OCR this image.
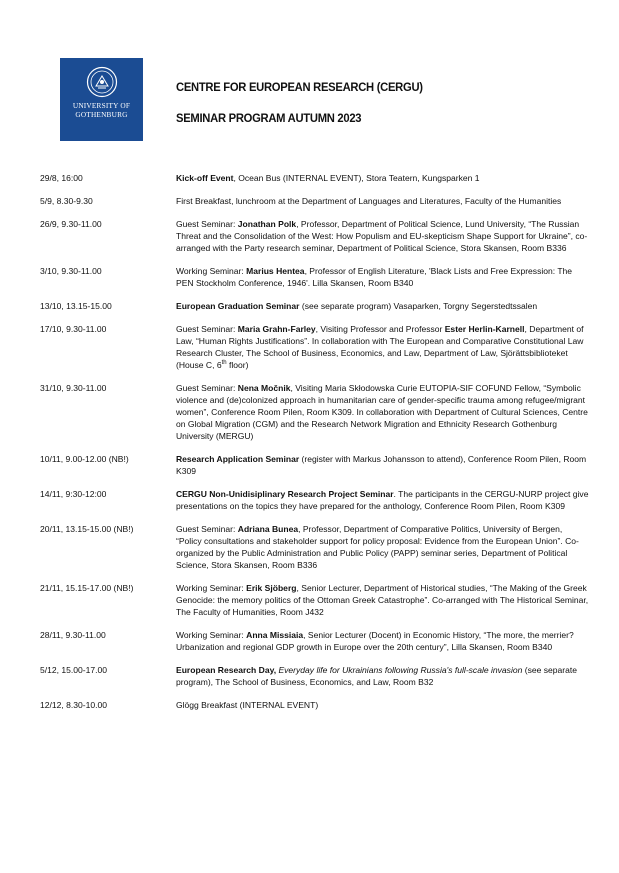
UNIVERSITY OF
GOTHENBURG
CENTRE FOR EUROPEAN RESEARCH (CERGU)
SEMINAR PROGRAM AUTUMN 2023
29/8, 16:00	Kick-off Event, Ocean Bus (INTERNAL EVENT), Stora Teatern, Kungsparken 1
5/9, 8.30-9.30	First Breakfast, lunchroom at the Department of Languages and Literatures, Faculty of the Humanities
26/9, 9.30-11.00	Guest Seminar: Jonathan Polk, Professor, Department of Political Science, Lund University, “The Russian Threat and the Consolidation of the West: How Populism and EU-skepticism Shape Support for Ukraine”, co-arranged with the Party research seminar, Department of Political Science, Stora Skansen, Room B336
3/10, 9.30-11.00	Working Seminar: Marius Hentea, Professor of English Literature, 'Black Lists and Free Expression: The PEN Stockholm Conference, 1946'. Lilla Skansen, Room B340
13/10, 13.15-15.00	European Graduation Seminar (see separate program) Vasaparken, Torgny Segerstedtssalen
17/10, 9.30-11.00	Guest Seminar: Maria Grahn-Farley, Visiting Professor and Professor Ester Herlin-Karnell, Department of Law, “Human Rights Justifications”. In collaboration with The European and Comparative Constitutional Law Research Cluster, The School of Business, Economics, and Law, Department of Law, Sjörättsbiblioteket (House C, 6th floor)
31/10, 9.30-11.00	Guest Seminar: Nena Močnik, Visiting Maria Skłodowska Curie EUTOPIA-SIF COFUND Fellow, “Symbolic violence and (de)colonized approach in humanitarian care of gender-specific trauma among refugee/migrant women”, Conference Room Pilen, Room K309. In collaboration with Department of Cultural Sciences, Centre on Global Migration (CGM) and the Research Network Migration and Ethnicity Research Gothenburg University (MERGU)
10/11, 9.00-12.00 (NB!)	Research Application Seminar (register with Markus Johansson to attend), Conference Room Pilen, Room K309
14/11, 9:30-12:00	CERGU Non-Unidisiplinary Research Project Seminar. The participants in the CERGU-NURP project give presentations on the topics they have prepared for the anthology, Conference Room Pilen, Room K309
20/11, 13.15-15.00 (NB!)	Guest Seminar: Adriana Bunea, Professor, Department of Comparative Politics, University of Bergen, “Policy consultations and stakeholder support for policy proposal: Evidence from the European Union”. Co-organized by the Public Administration and Public Policy (PAPP) seminar series, Department of Political Science, Stora Skansen, Room B336
21/11, 15.15-17.00 (NB!)	Working Seminar: Erik Sjöberg, Senior Lecturer, Department of Historical studies, “The Making of the Greek Genocide: the memory politics of the Ottoman Greek Catastrophe”. Co-arranged with The Historical Seminar, The Faculty of Humanities, Room J432
28/11, 9.30-11.00	Working Seminar: Anna Missiaia, Senior Lecturer (Docent) in Economic History, “The more, the merrier? Urbanization and regional GDP growth in Europe over the 20th century”, Lilla Skansen, Room B340
5/12, 15.00-17.00	European Research Day, Everyday life for Ukrainians following Russia's full-scale invasion (see separate program), The School of Business, Economics, and Law, Room B32
12/12, 8.30-10.00	Glögg Breakfast (INTERNAL EVENT)
